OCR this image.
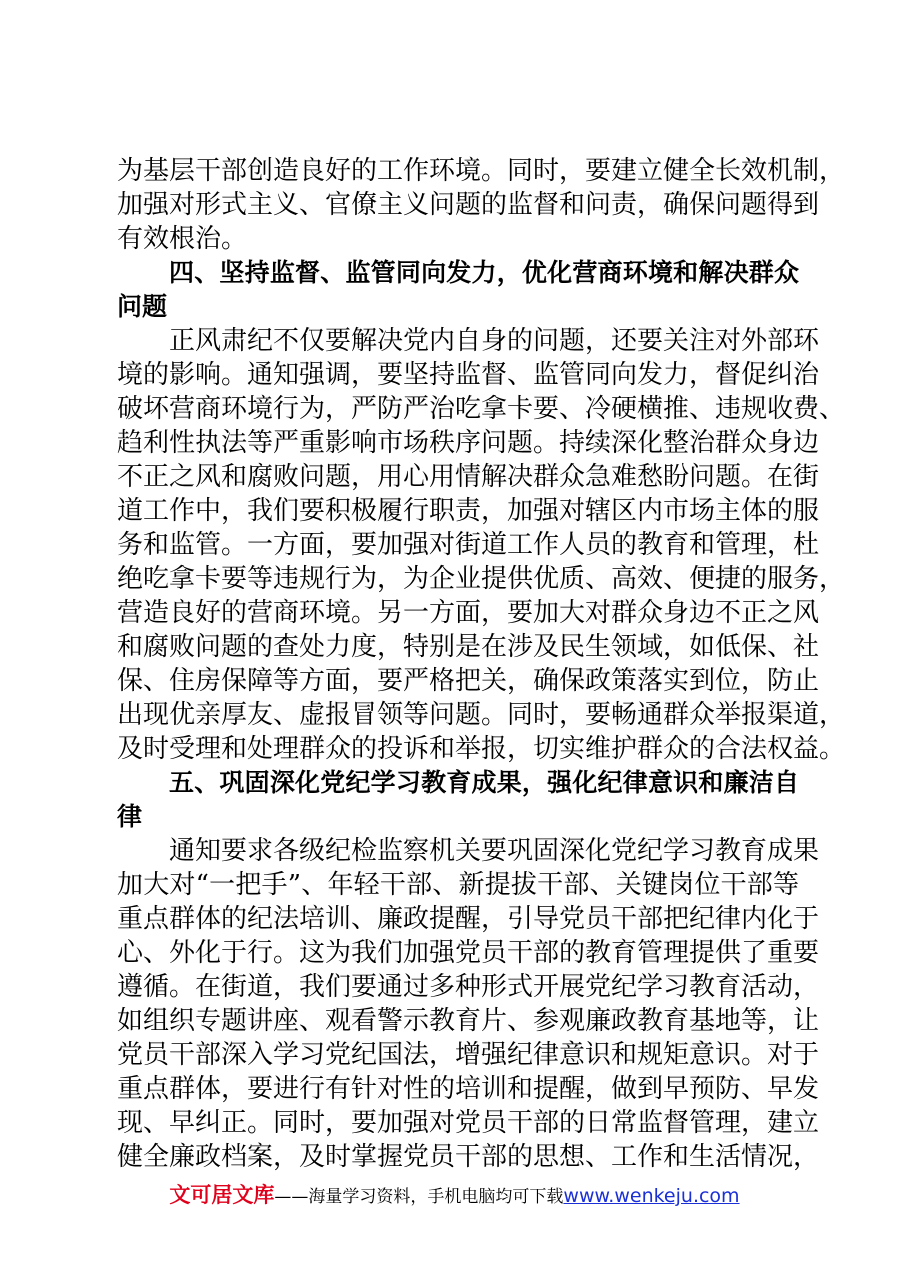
为基层干部创造良好的工作环境。同时，要建立健全长效机制，
加强对形式主义、官僚主义问题的监督和问责，确保问题得到
有效根治。
四、坚持监督、监管同向发力，优化营商环境和解决群众
问题
正风肃纪不仅要解决党内自身的问题，还要关注对外部环
境的影响。通知强调，要坚持监督、监管同向发力，督促纠治
破坏营商环境行为，严防严治吃拿卡要、冷硬横推、违规收费、
趋利性执法等严重影响市场秩序问题。持续深化整治群众身边
不正之风和腐败问题，用心用情解决群众急难愁盼问题。在街
道工作中，我们要积极履行职责，加强对辖区内市场主体的服
务和监管。一方面，要加强对街道工作人员的教育和管理，杜
绝吃拿卡要等违规行为，为企业提供优质、高效、便捷的服务，
营造良好的营商环境。另一方面，要加大对群众身边不正之风
和腐败问题的查处力度，特别是在涉及民生领域，如低保、社
保、住房保障等方面，要严格把关，确保政策落实到位，防止
出现优亲厚友、虚报冒领等问题。同时，要畅通群众举报渠道，
及时受理和处理群众的投诉和举报，切实维护群众的合法权益。
五、巩固深化党纪学习教育成果，强化纪律意识和廉洁自
律
通知要求各级纪检监察机关要巩固深化党纪学习教育成果
加大对“一把手”、年轻干部、新提拔干部、关键岗位干部等
重点群体的纪法培训、廉政提醒，引导党员干部把纪律内化于
心、外化于行。这为我们加强党员干部的教育管理提供了重要
遵循。在街道，我们要通过多种形式开展党纪学习教育活动，
如组织专题讲座、观看警示教育片、参观廉政教育基地等，让
党员干部深入学习党纪国法，增强纪律意识和规矩意识。对于
重点群体，要进行有针对性的培训和提醒，做到早预防、早发
现、早纠正。同时，要加强对党员干部的日常监督管理，建立
健全廉政档案，及时掌握党员干部的思想、工作和生活情况，
文可居文库——海量学习资料，手机电脑均可下载www.wenkeju.com
